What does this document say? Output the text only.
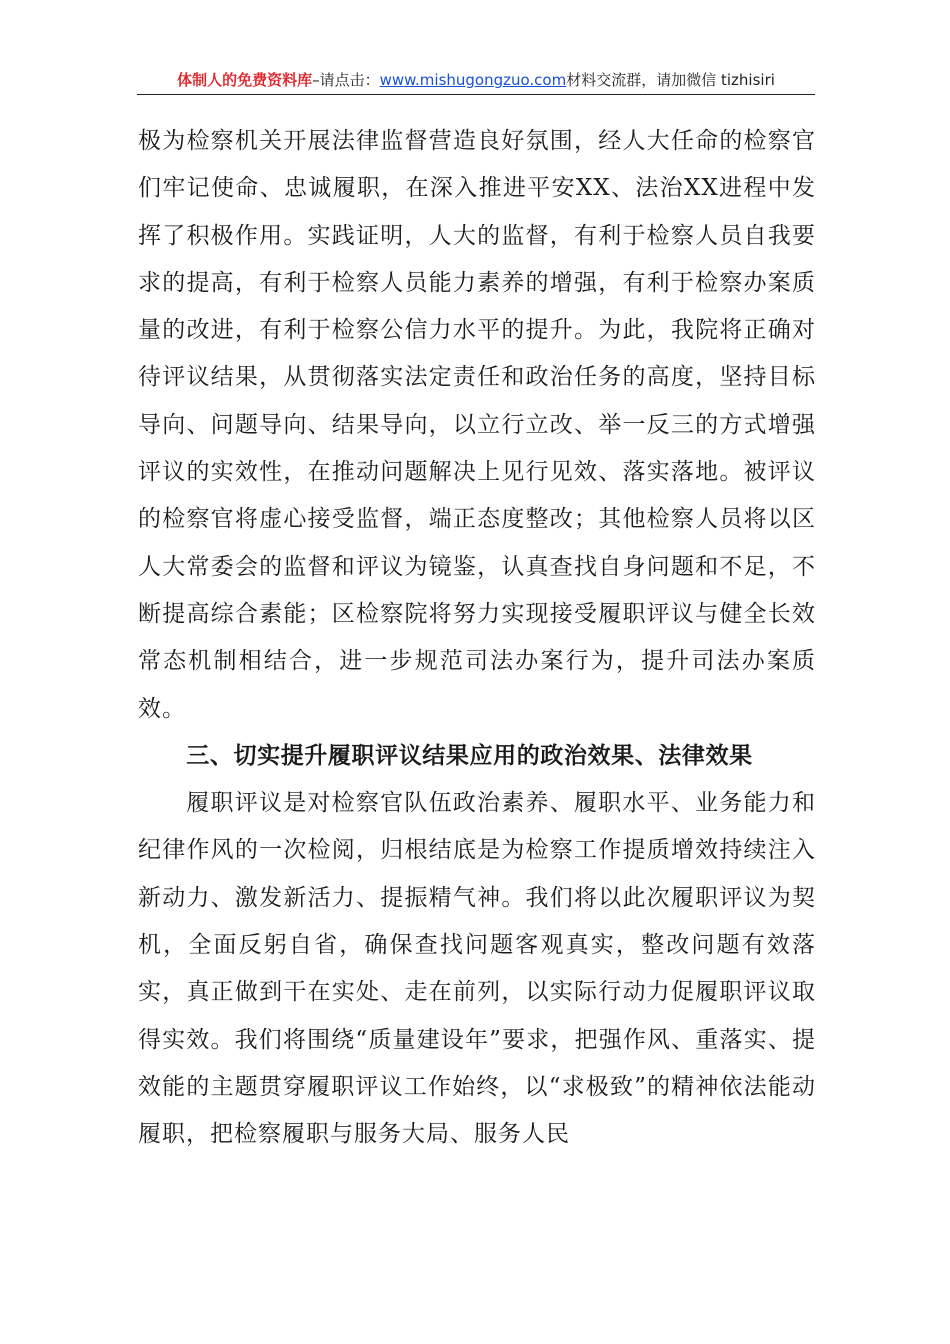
体制人的免费资料库–请点击：www.mishugongzuo.com材料交流群，请加微信 tizhisiri

极为检察机关开展法律监督营造良好氛围，经人大任命的检察官们牢记使命、忠诚履职，在深入推进平安XX、法治XX进程中发挥了积极作用。实践证明，人大的监督，有利于检察人员自我要求的提高，有利于检察人员能力素养的增强，有利于检察办案质量的改进，有利于检察公信力水平的提升。为此，我院将正确对待评议结果，从贯彻落实法定责任和政治任务的高度，坚持目标导向、问题导向、结果导向，以立行立改、举一反三的方式增强评议的实效性，在推动问题解决上见行见效、落实落地。被评议的检察官将虚心接受监督，端正态度整改；其他检察人员将以区人大常委会的监督和评议为镜鉴，认真查找自身问题和不足，不断提高综合素能；区检察院将努力实现接受履职评议与健全长效常态机制相结合，进一步规范司法办案行为，提升司法办案质效。

三、切实提升履职评议结果应用的政治效果、法律效果

履职评议是对检察官队伍政治素养、履职水平、业务能力和纪律作风的一次检阅，归根结底是为检察工作提质增效持续注入新动力、激发新活力、提振精气神。我们将以此次履职评议为契机，全面反躬自省，确保查找问题客观真实，整改问题有效落实，真正做到干在实处、走在前列，以实际行动力促履职评议取得实效。我们将围绕“质量建设年”要求，把强作风、重落实、提效能的主题贯穿履职评议工作始终，以“求极致”的精神依法能动履职，把检察履职与服务大局、服务人民
